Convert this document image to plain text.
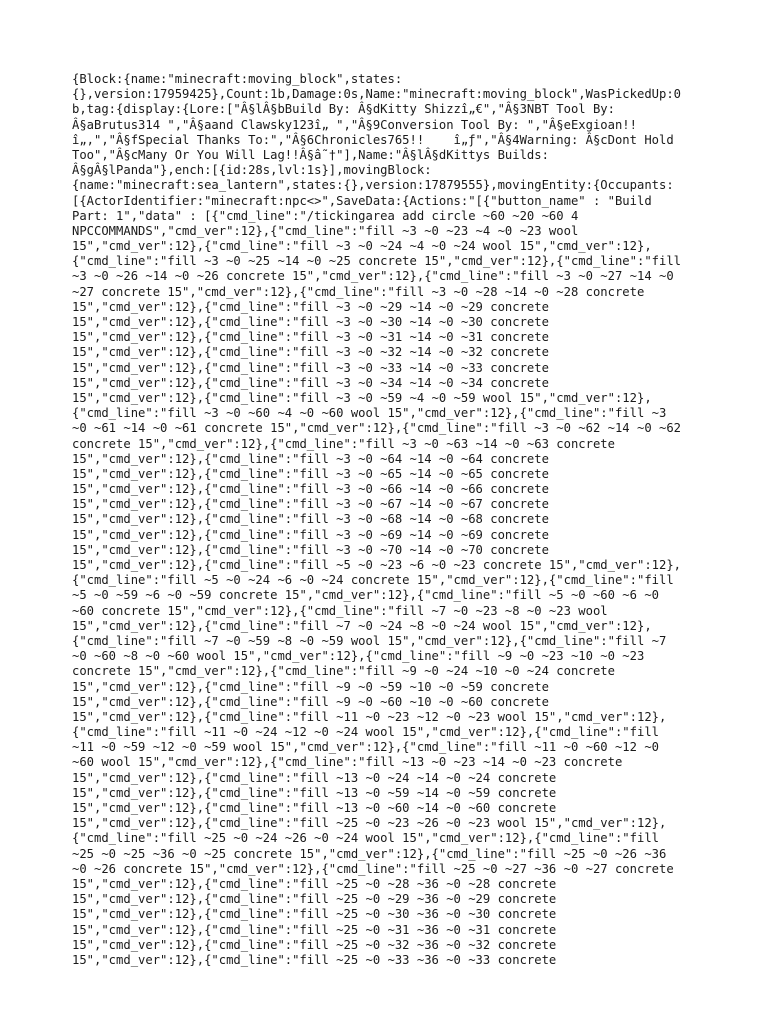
{Block:{name:"minecraft:moving_block",states:
{},version:17959425},Count:1b,Damage:0s,Name:"minecraft:moving_block",WasPickedUp:0
b,tag:{display:{Lore:["Â§lÂ§bBuild By: Â§dKitty Shizzî„€","Â§3NBT Tool By:
Â§aBrutus314 ","Â§aand Clawsky123î„ ","Â§9Conversion Tool By: ","Â§eExgioan!!
î„‚","Â§fSpecial Thanks To:","Â§6Chronicles765!!    î„ƒ","Â§4Warning: Â§cDont Hold
Too","Â§cMany Or You Will Lag!!Â§â˜†"],Name:"Â§lÂ§dKittys Builds:
Â§gÂ§lPanda"},ench:[{id:28s,lvl:1s}],movingBlock:
{name:"minecraft:sea_lantern",states:{},version:17879555},movingEntity:{Occupants:
[{ActorIdentifier:"minecraft:npc<>",SaveData:{Actions:"[{"button_name" : "Build
Part: 1","data" : [{"cmd_line":"/tickingarea add circle ~60 ~20 ~60 4
NPCCOMMANDS","cmd_ver":12},{"cmd_line":"fill ~3 ~0 ~23 ~4 ~0 ~23 wool
15","cmd_ver":12},{"cmd_line":"fill ~3 ~0 ~24 ~4 ~0 ~24 wool 15","cmd_ver":12},
{"cmd_line":"fill ~3 ~0 ~25 ~14 ~0 ~25 concrete 15","cmd_ver":12},{"cmd_line":"fill
~3 ~0 ~26 ~14 ~0 ~26 concrete 15","cmd_ver":12},{"cmd_line":"fill ~3 ~0 ~27 ~14 ~0
~27 concrete 15","cmd_ver":12},{"cmd_line":"fill ~3 ~0 ~28 ~14 ~0 ~28 concrete
15","cmd_ver":12},{"cmd_line":"fill ~3 ~0 ~29 ~14 ~0 ~29 concrete
15","cmd_ver":12},{"cmd_line":"fill ~3 ~0 ~30 ~14 ~0 ~30 concrete
15","cmd_ver":12},{"cmd_line":"fill ~3 ~0 ~31 ~14 ~0 ~31 concrete
15","cmd_ver":12},{"cmd_line":"fill ~3 ~0 ~32 ~14 ~0 ~32 concrete
15","cmd_ver":12},{"cmd_line":"fill ~3 ~0 ~33 ~14 ~0 ~33 concrete
15","cmd_ver":12},{"cmd_line":"fill ~3 ~0 ~34 ~14 ~0 ~34 concrete
15","cmd_ver":12},{"cmd_line":"fill ~3 ~0 ~59 ~4 ~0 ~59 wool 15","cmd_ver":12},
{"cmd_line":"fill ~3 ~0 ~60 ~4 ~0 ~60 wool 15","cmd_ver":12},{"cmd_line":"fill ~3
~0 ~61 ~14 ~0 ~61 concrete 15","cmd_ver":12},{"cmd_line":"fill ~3 ~0 ~62 ~14 ~0 ~62
concrete 15","cmd_ver":12},{"cmd_line":"fill ~3 ~0 ~63 ~14 ~0 ~63 concrete
15","cmd_ver":12},{"cmd_line":"fill ~3 ~0 ~64 ~14 ~0 ~64 concrete
15","cmd_ver":12},{"cmd_line":"fill ~3 ~0 ~65 ~14 ~0 ~65 concrete
15","cmd_ver":12},{"cmd_line":"fill ~3 ~0 ~66 ~14 ~0 ~66 concrete
15","cmd_ver":12},{"cmd_line":"fill ~3 ~0 ~67 ~14 ~0 ~67 concrete
15","cmd_ver":12},{"cmd_line":"fill ~3 ~0 ~68 ~14 ~0 ~68 concrete
15","cmd_ver":12},{"cmd_line":"fill ~3 ~0 ~69 ~14 ~0 ~69 concrete
15","cmd_ver":12},{"cmd_line":"fill ~3 ~0 ~70 ~14 ~0 ~70 concrete
15","cmd_ver":12},{"cmd_line":"fill ~5 ~0 ~23 ~6 ~0 ~23 concrete 15","cmd_ver":12},
{"cmd_line":"fill ~5 ~0 ~24 ~6 ~0 ~24 concrete 15","cmd_ver":12},{"cmd_line":"fill
~5 ~0 ~59 ~6 ~0 ~59 concrete 15","cmd_ver":12},{"cmd_line":"fill ~5 ~0 ~60 ~6 ~0
~60 concrete 15","cmd_ver":12},{"cmd_line":"fill ~7 ~0 ~23 ~8 ~0 ~23 wool
15","cmd_ver":12},{"cmd_line":"fill ~7 ~0 ~24 ~8 ~0 ~24 wool 15","cmd_ver":12},
{"cmd_line":"fill ~7 ~0 ~59 ~8 ~0 ~59 wool 15","cmd_ver":12},{"cmd_line":"fill ~7
~0 ~60 ~8 ~0 ~60 wool 15","cmd_ver":12},{"cmd_line":"fill ~9 ~0 ~23 ~10 ~0 ~23
concrete 15","cmd_ver":12},{"cmd_line":"fill ~9 ~0 ~24 ~10 ~0 ~24 concrete
15","cmd_ver":12},{"cmd_line":"fill ~9 ~0 ~59 ~10 ~0 ~59 concrete
15","cmd_ver":12},{"cmd_line":"fill ~9 ~0 ~60 ~10 ~0 ~60 concrete
15","cmd_ver":12},{"cmd_line":"fill ~11 ~0 ~23 ~12 ~0 ~23 wool 15","cmd_ver":12},
{"cmd_line":"fill ~11 ~0 ~24 ~12 ~0 ~24 wool 15","cmd_ver":12},{"cmd_line":"fill
~11 ~0 ~59 ~12 ~0 ~59 wool 15","cmd_ver":12},{"cmd_line":"fill ~11 ~0 ~60 ~12 ~0
~60 wool 15","cmd_ver":12},{"cmd_line":"fill ~13 ~0 ~23 ~14 ~0 ~23 concrete
15","cmd_ver":12},{"cmd_line":"fill ~13 ~0 ~24 ~14 ~0 ~24 concrete
15","cmd_ver":12},{"cmd_line":"fill ~13 ~0 ~59 ~14 ~0 ~59 concrete
15","cmd_ver":12},{"cmd_line":"fill ~13 ~0 ~60 ~14 ~0 ~60 concrete
15","cmd_ver":12},{"cmd_line":"fill ~25 ~0 ~23 ~26 ~0 ~23 wool 15","cmd_ver":12},
{"cmd_line":"fill ~25 ~0 ~24 ~26 ~0 ~24 wool 15","cmd_ver":12},{"cmd_line":"fill
~25 ~0 ~25 ~36 ~0 ~25 concrete 15","cmd_ver":12},{"cmd_line":"fill ~25 ~0 ~26 ~36
~0 ~26 concrete 15","cmd_ver":12},{"cmd_line":"fill ~25 ~0 ~27 ~36 ~0 ~27 concrete
15","cmd_ver":12},{"cmd_line":"fill ~25 ~0 ~28 ~36 ~0 ~28 concrete
15","cmd_ver":12},{"cmd_line":"fill ~25 ~0 ~29 ~36 ~0 ~29 concrete
15","cmd_ver":12},{"cmd_line":"fill ~25 ~0 ~30 ~36 ~0 ~30 concrete
15","cmd_ver":12},{"cmd_line":"fill ~25 ~0 ~31 ~36 ~0 ~31 concrete
15","cmd_ver":12},{"cmd_line":"fill ~25 ~0 ~32 ~36 ~0 ~32 concrete
15","cmd_ver":12},{"cmd_line":"fill ~25 ~0 ~33 ~36 ~0 ~33 concrete
